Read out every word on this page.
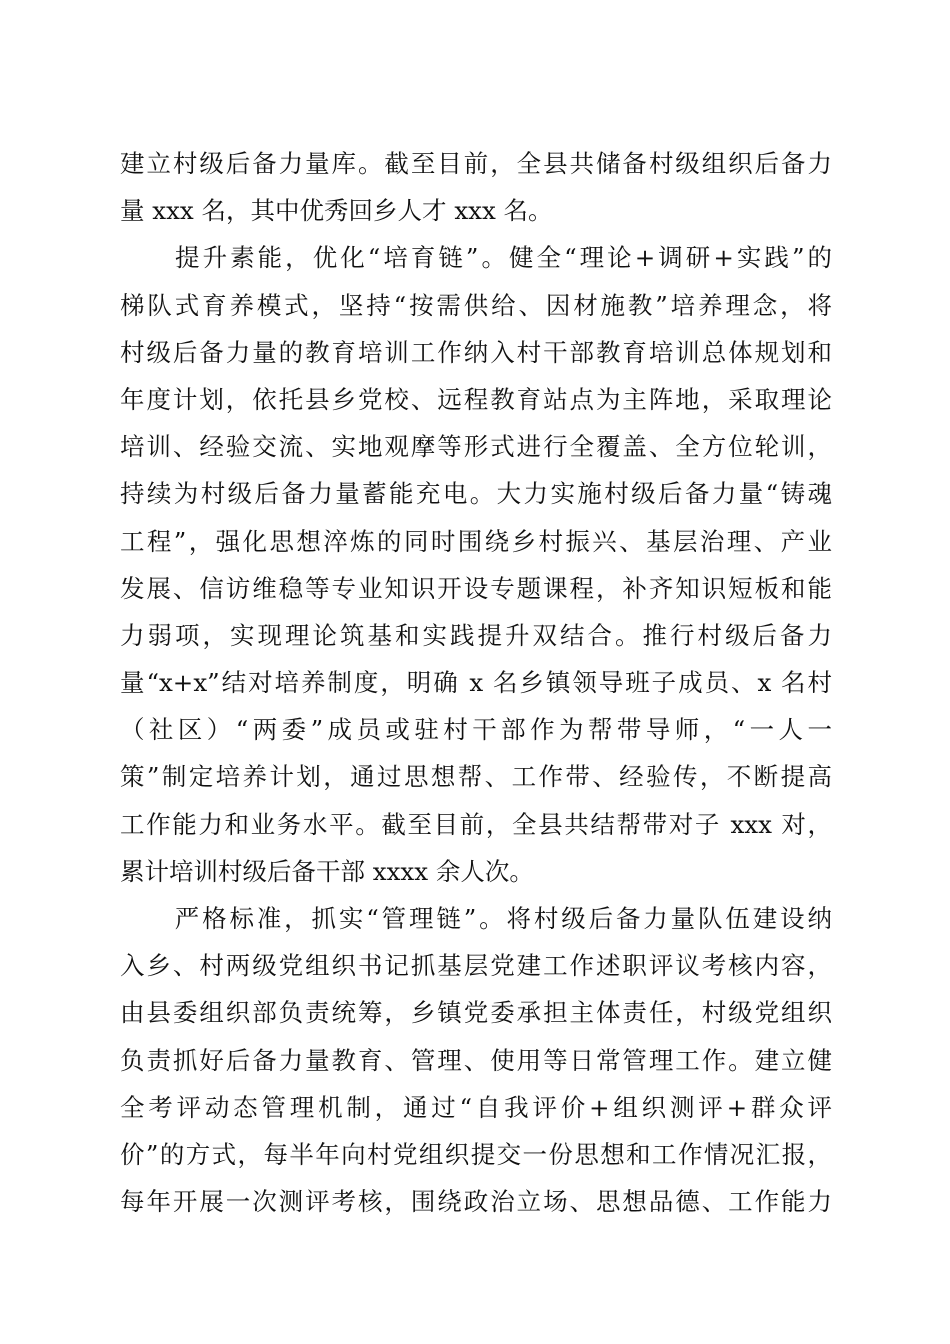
建立村级后备力量库。截至目前，全县共储备村级组织后备力
量 xxx 名，其中优秀回乡人才 xxx 名。
　　提升素能，优化“培育链”。健全“理论+调研+实践”的
梯队式育养模式，坚持“按需供给、因材施教”培养理念，将
村级后备力量的教育培训工作纳入村干部教育培训总体规划和
年度计划，依托县乡党校、远程教育站点为主阵地，采取理论
培训、经验交流、实地观摩等形式进行全覆盖、全方位轮训，
持续为村级后备力量蓄能充电。大力实施村级后备力量“铸魂
工程”，强化思想淬炼的同时围绕乡村振兴、基层治理、产业
发展、信访维稳等专业知识开设专题课程，补齐知识短板和能
力弱项，实现理论筑基和实践提升双结合。推行村级后备力
量“x+x”结对培养制度，明确 x 名乡镇领导班子成员、x 名村
（社区）“两委”成员或驻村干部作为帮带导师，“一人一
策”制定培养计划，通过思想帮、工作带、经验传，不断提高
工作能力和业务水平。截至目前，全县共结帮带对子 xxx 对，
累计培训村级后备干部 xxxx 余人次。
　　严格标准，抓实“管理链”。将村级后备力量队伍建设纳
入乡、村两级党组织书记抓基层党建工作述职评议考核内容，
由县委组织部负责统筹，乡镇党委承担主体责任，村级党组织
负责抓好后备力量教育、管理、使用等日常管理工作。建立健
全考评动态管理机制，通过“自我评价+组织测评+群众评
价”的方式，每半年向村党组织提交一份思想和工作情况汇报，
每年开展一次测评考核，围绕政治立场、思想品德、工作能力
